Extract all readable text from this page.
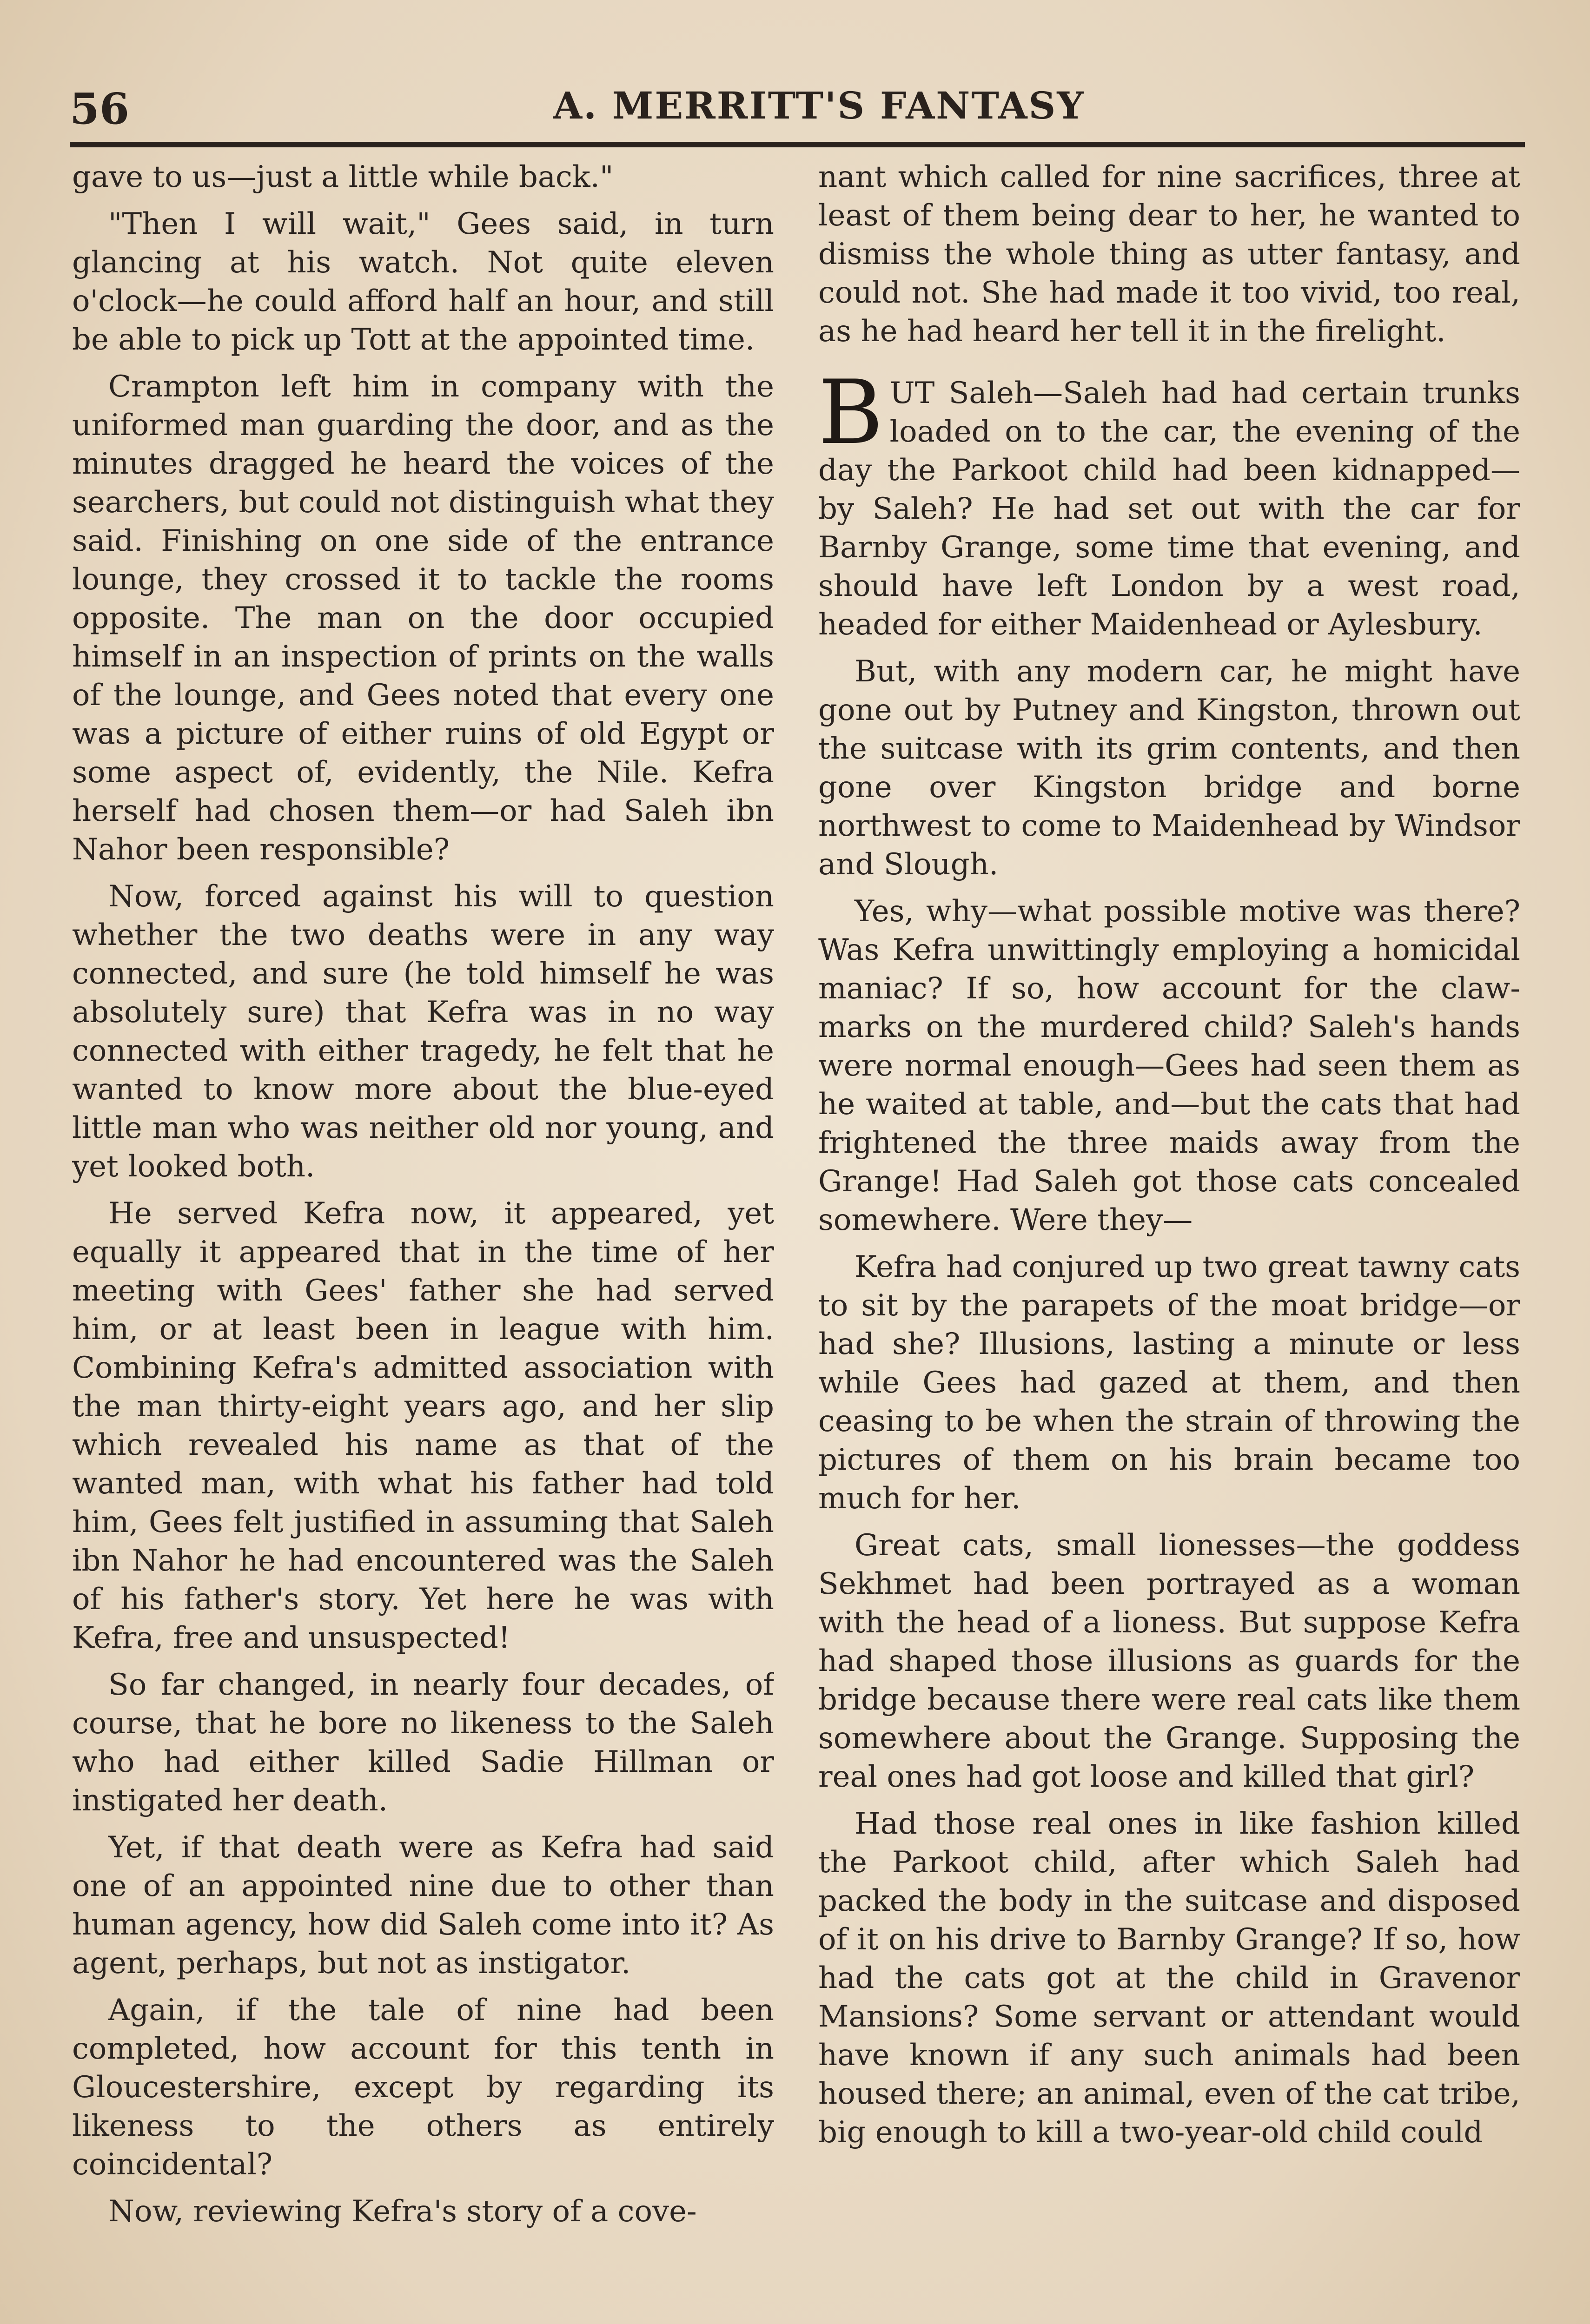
56	A. MERRITT'S FANTASY

gave to us—just a little while back."

"Then I will wait," Gees said, in turn glancing at his watch. Not quite eleven o'clock—he could afford half an hour, and still be able to pick up Tott at the appointed time.

Crampton left him in company with the uniformed man guarding the door, and as the minutes dragged he heard the voices of the searchers, but could not distinguish what they said. Finishing on one side of the entrance lounge, they crossed it to tackle the rooms opposite. The man on the door occupied himself in an inspection of prints on the walls of the lounge, and Gees noted that every one was a picture of either ruins of old Egypt or some aspect of, evidently, the Nile. Kefra herself had chosen them—or had Saleh ibn Nahor been responsible?

Now, forced against his will to question whether the two deaths were in any way connected, and sure (he told himself he was absolutely sure) that Kefra was in no way connected with either tragedy, he felt that he wanted to know more about the blue-eyed little man who was neither old nor young, and yet looked both.

He served Kefra now, it appeared, yet equally it appeared that in the time of her meeting with Gees' father she had served him, or at least been in league with him. Combining Kefra's admitted association with the man thirty-eight years ago, and her slip which revealed his name as that of the wanted man, with what his father had told him, Gees felt justified in assuming that Saleh ibn Nahor he had encountered was the Saleh of his father's story. Yet here he was with Kefra, free and unsuspected!

So far changed, in nearly four decades, of course, that he bore no likeness to the Saleh who had either killed Sadie Hillman or instigated her death.

Yet, if that death were as Kefra had said one of an appointed nine due to other than human agency, how did Saleh come into it? As agent, perhaps, but not as instigator.

Again, if the tale of nine had been completed, how account for this tenth in Gloucestershire, except by regarding its likeness to the others as entirely coincidental?

Now, reviewing Kefra's story of a cove-

nant which called for nine sacrifices, three at least of them being dear to her, he wanted to dismiss the whole thing as utter fantasy, and could not. She had made it too vivid, too real, as he had heard her tell it in the firelight.

BUT Saleh—Saleh had had certain trunks loaded on to the car, the evening of the day the Parkoot child had been kidnapped—by Saleh? He had set out with the car for Barnby Grange, some time that evening, and should have left London by a west road, headed for either Maidenhead or Aylesbury.

But, with any modern car, he might have gone out by Putney and Kingston, thrown out the suitcase with its grim contents, and then gone over Kingston bridge and borne northwest to come to Maidenhead by Windsor and Slough.

Yes, why—what possible motive was there? Was Kefra unwittingly employing a homicidal maniac? If so, how account for the claw-marks on the murdered child? Saleh's hands were normal enough—Gees had seen them as he waited at table, and—but the cats that had frightened the three maids away from the Grange! Had Saleh got those cats concealed somewhere. Were they—

Kefra had conjured up two great tawny cats to sit by the parapets of the moat bridge—or had she? Illusions, lasting a minute or less while Gees had gazed at them, and then ceasing to be when the strain of throwing the pictures of them on his brain became too much for her.

Great cats, small lionesses—the goddess Sekhmet had been portrayed as a woman with the head of a lioness. But suppose Kefra had shaped those illusions as guards for the bridge because there were real cats like them somewhere about the Grange. Supposing the real ones had got loose and killed that girl?

Had those real ones in like fashion killed the Parkoot child, after which Saleh had packed the body in the suitcase and disposed of it on his drive to Barnby Grange? If so, how had the cats got at the child in Gravenor Mansions? Some servant or attendant would have known if any such animals had been housed there; an animal, even of the cat tribe, big enough to kill a two-year-old child could
